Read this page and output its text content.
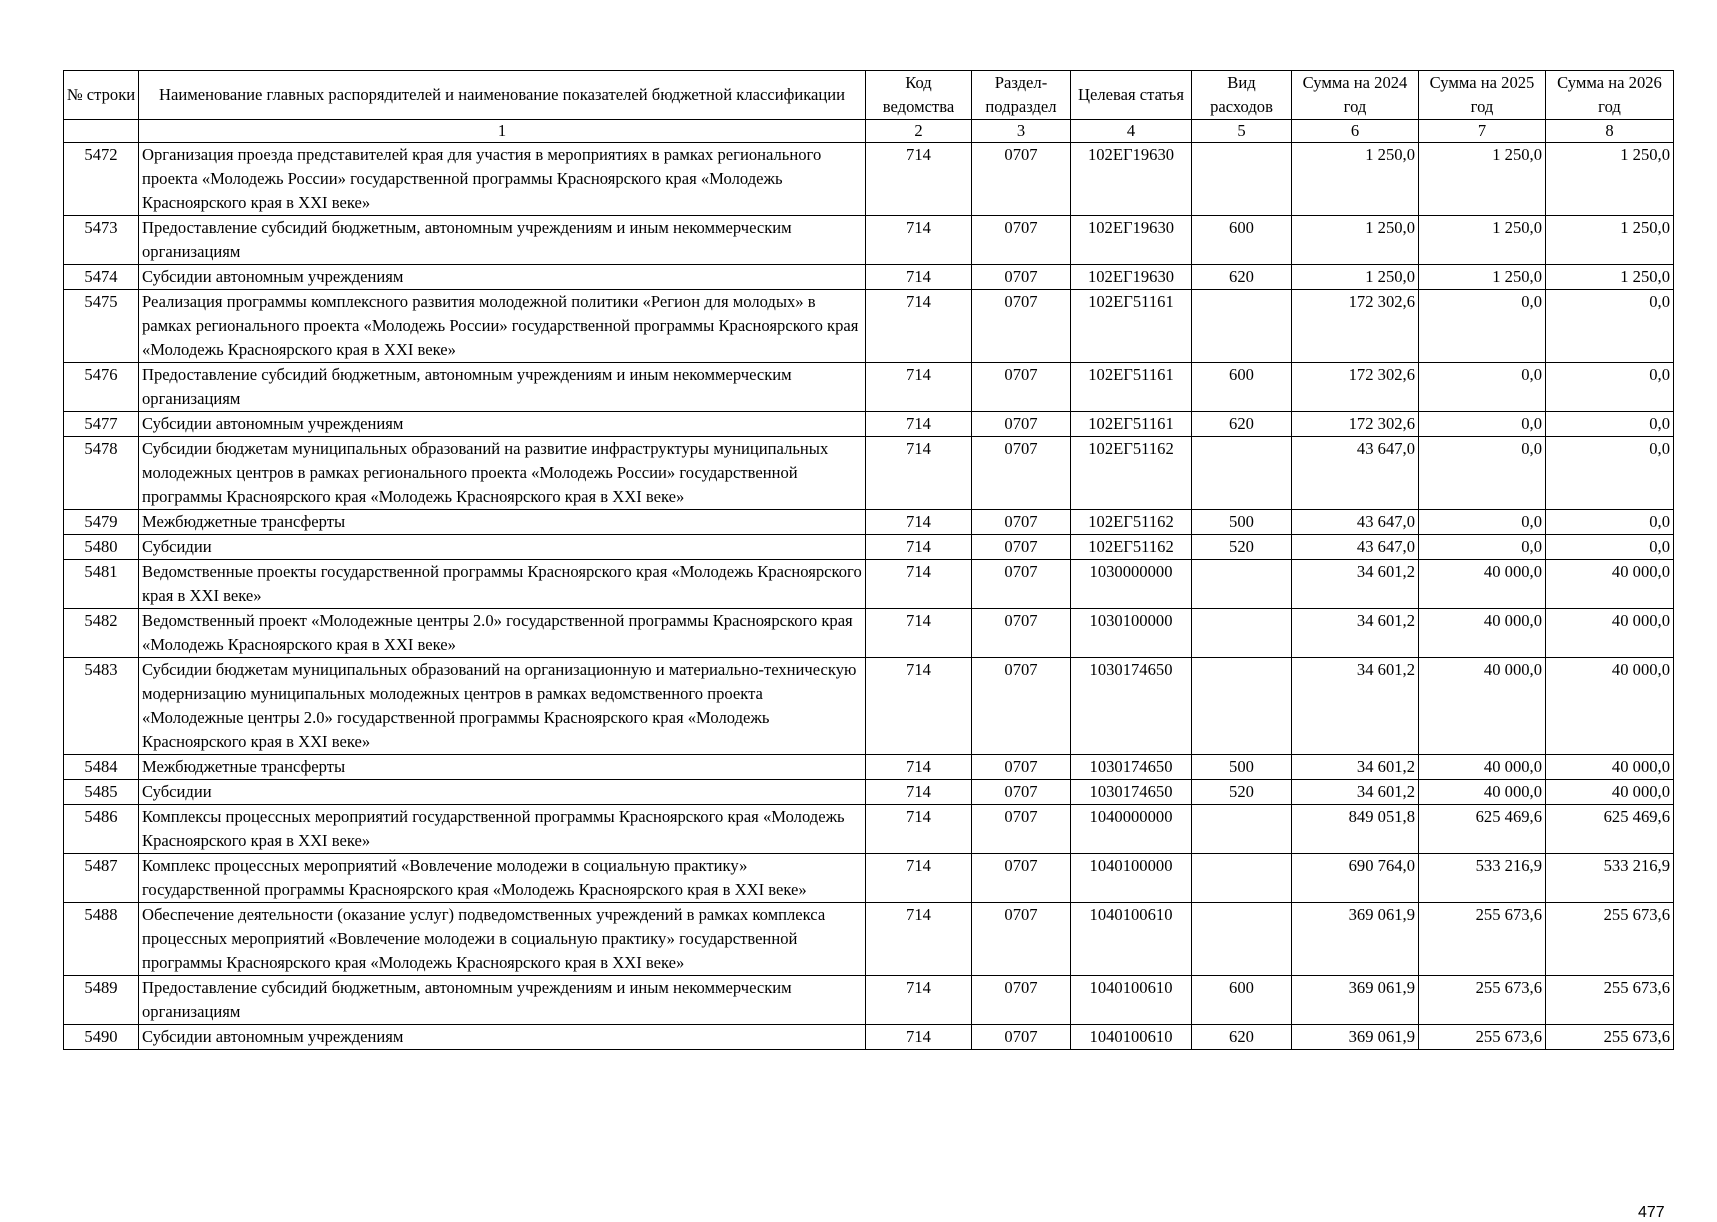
№ строки	Наименование главных распорядителей и наименование показателей бюджетной классификации	Код ведомства	Раздел-подраздел	Целевая статья	Вид расходов	Сумма на 2024 год	Сумма на 2025 год	Сумма на 2026 год
	1	2	3	4	5	6	7	8
5472	Организация проезда представителей края для участия в мероприятиях в рамках регионального проекта «Молодежь России» государственной программы Красноярского края «Молодежь Красноярского края в XXI веке»	714	0707	102ЕГ19630		1 250,0	1 250,0	1 250,0
5473	Предоставление субсидий бюджетным, автономным учреждениям и иным некоммерческим организациям	714	0707	102ЕГ19630	600	1 250,0	1 250,0	1 250,0
5474	Субсидии автономным учреждениям	714	0707	102ЕГ19630	620	1 250,0	1 250,0	1 250,0
5475	Реализация программы комплексного развития молодежной политики «Регион для молодых» в рамках регионального проекта «Молодежь России» государственной программы Красноярского края «Молодежь Красноярского края в XXI веке»	714	0707	102ЕГ51161		172 302,6	0,0	0,0
5476	Предоставление субсидий бюджетным, автономным учреждениям и иным некоммерческим организациям	714	0707	102ЕГ51161	600	172 302,6	0,0	0,0
5477	Субсидии автономным учреждениям	714	0707	102ЕГ51161	620	172 302,6	0,0	0,0
5478	Субсидии бюджетам муниципальных образований на развитие инфраструктуры муниципальных молодежных центров в рамках регионального проекта «Молодежь России» государственной программы Красноярского края «Молодежь Красноярского края в XXI веке»	714	0707	102ЕГ51162		43 647,0	0,0	0,0
5479	Межбюджетные трансферты	714	0707	102ЕГ51162	500	43 647,0	0,0	0,0
5480	Субсидии	714	0707	102ЕГ51162	520	43 647,0	0,0	0,0
5481	Ведомственные проекты государственной программы Красноярского края «Молодежь Красноярского края в XXI веке»	714	0707	1030000000		34 601,2	40 000,0	40 000,0
5482	Ведомственный проект «Молодежные центры 2.0» государственной программы Красноярского края «Молодежь Красноярского края в XXI веке»	714	0707	1030100000		34 601,2	40 000,0	40 000,0
5483	Субсидии бюджетам муниципальных образований на организационную и материально-техническую модернизацию муниципальных молодежных центров в рамках ведомственного проекта «Молодежные центры 2.0» государственной программы Красноярского края «Молодежь Красноярского края в XXI веке»	714	0707	1030174650		34 601,2	40 000,0	40 000,0
5484	Межбюджетные трансферты	714	0707	1030174650	500	34 601,2	40 000,0	40 000,0
5485	Субсидии	714	0707	1030174650	520	34 601,2	40 000,0	40 000,0
5486	Комплексы процессных мероприятий государственной программы Красноярского края «Молодежь Красноярского края в XXI веке»	714	0707	1040000000		849 051,8	625 469,6	625 469,6
5487	Комплекс процессных мероприятий «Вовлечение молодежи в социальную практику» государственной программы Красноярского края «Молодежь Красноярского края в XXI веке»	714	0707	1040100000		690 764,0	533 216,9	533 216,9
5488	Обеспечение деятельности (оказание услуг) подведомственных учреждений в рамках комплекса процессных мероприятий «Вовлечение молодежи в социальную практику» государственной программы Красноярского края «Молодежь Красноярского края в XXI веке»	714	0707	1040100610		369 061,9	255 673,6	255 673,6
5489	Предоставление субсидий бюджетным, автономным учреждениям и иным некоммерческим организациям	714	0707	1040100610	600	369 061,9	255 673,6	255 673,6
5490	Субсидии автономным учреждениям	714	0707	1040100610	620	369 061,9	255 673,6	255 673,6
477
